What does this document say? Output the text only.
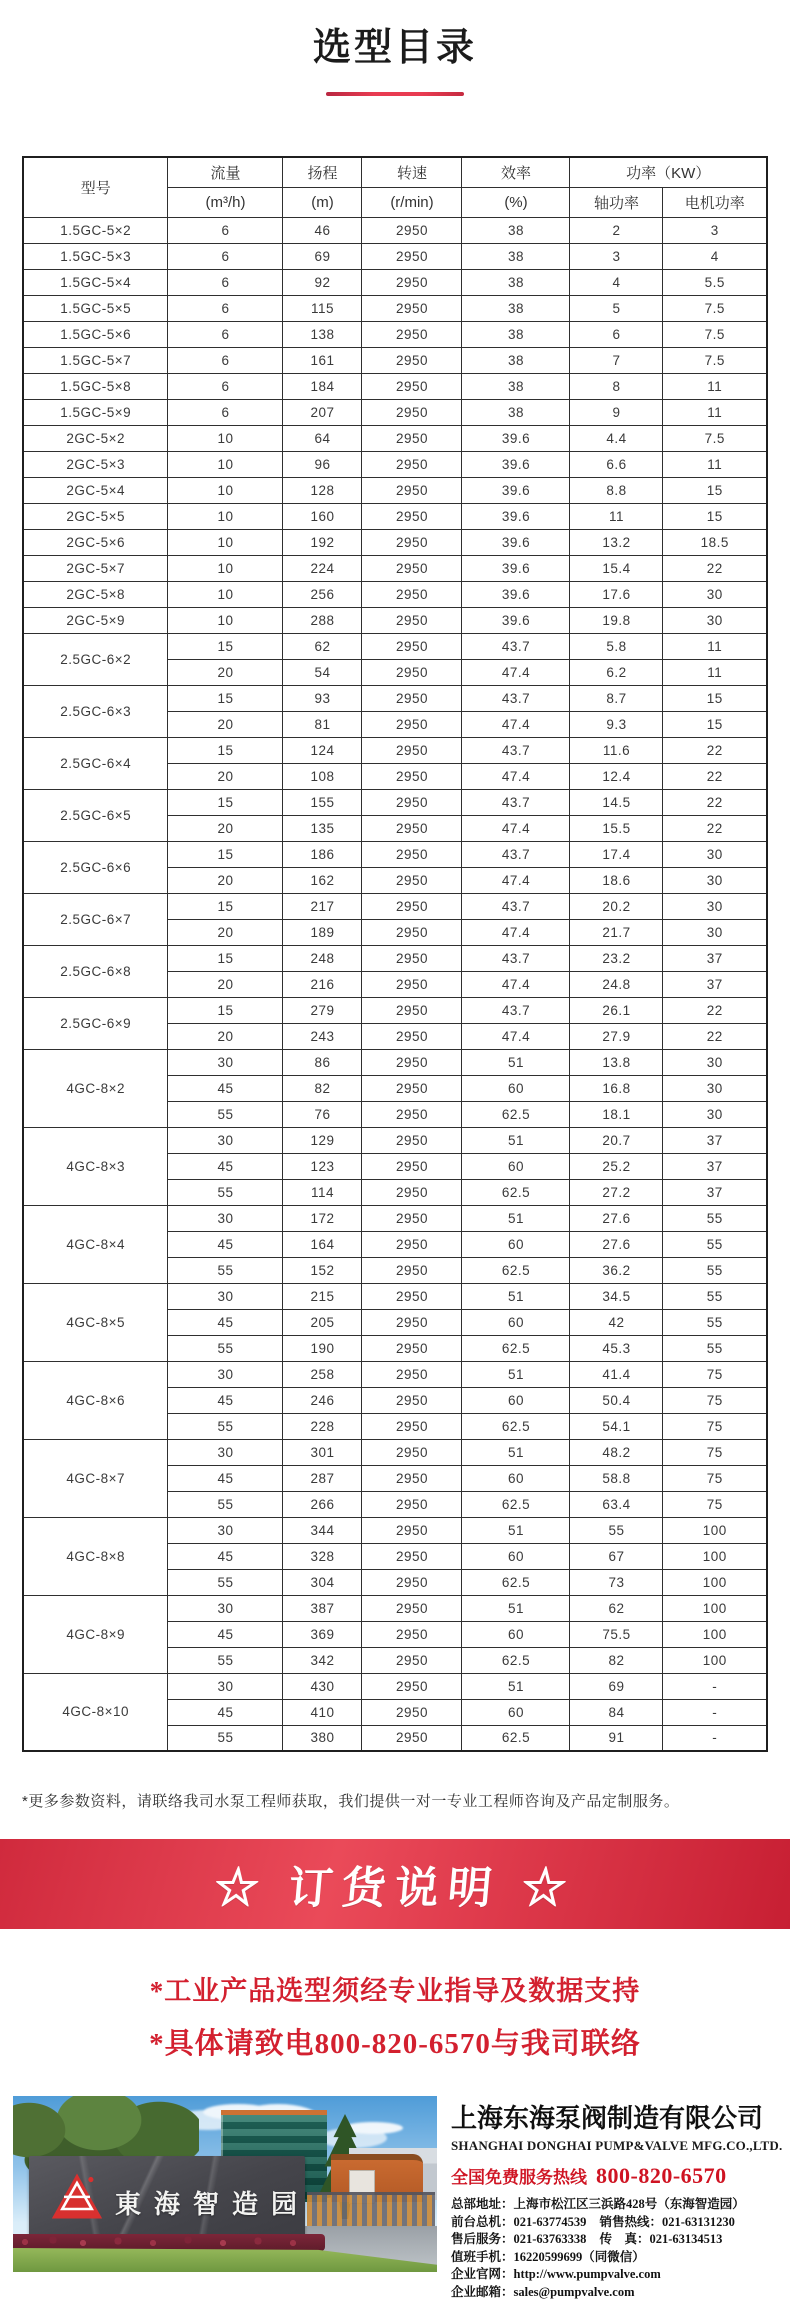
选型目录
型号	流量	扬程	转速	效率	功率（KW）	
	(m³/h)	(m)	(r/min)	(%)	轴功率	电机功率
1.5GC-5×2	6	46	2950	38	2	3
1.5GC-5×3	6	69	2950	38	3	4
1.5GC-5×4	6	92	2950	38	4	5.5
1.5GC-5×5	6	115	2950	38	5	7.5
1.5GC-5×6	6	138	2950	38	6	7.5
1.5GC-5×7	6	161	2950	38	7	7.5
1.5GC-5×8	6	184	2950	38	8	11
1.5GC-5×9	6	207	2950	38	9	11
2GC-5×2	10	64	2950	39.6	4.4	7.5
2GC-5×3	10	96	2950	39.6	6.6	11
2GC-5×4	10	128	2950	39.6	8.8	15
2GC-5×5	10	160	2950	39.6	11	15
2GC-5×6	10	192	2950	39.6	13.2	18.5
2GC-5×7	10	224	2950	39.6	15.4	22
2GC-5×8	10	256	2950	39.6	17.6	30
2GC-5×9	10	288	2950	39.6	19.8	30
2.5GC-6×2	15	62	2950	43.7	5.8	11
	20	54	2950	47.4	6.2	11
2.5GC-6×3	15	93	2950	43.7	8.7	15
	20	81	2950	47.4	9.3	15
2.5GC-6×4	15	124	2950	43.7	11.6	22
	20	108	2950	47.4	12.4	22
2.5GC-6×5	15	155	2950	43.7	14.5	22
	20	135	2950	47.4	15.5	22
2.5GC-6×6	15	186	2950	43.7	17.4	30
	20	162	2950	47.4	18.6	30
2.5GC-6×7	15	217	2950	43.7	20.2	30
	20	189	2950	47.4	21.7	30
2.5GC-6×8	15	248	2950	43.7	23.2	37
	20	216	2950	47.4	24.8	37
2.5GC-6×9	15	279	2950	43.7	26.1	22
	20	243	2950	47.4	27.9	22
4GC-8×2	30	86	2950	51	13.8	30
	45	82	2950	60	16.8	30
	55	76	2950	62.5	18.1	30
4GC-8×3	30	129	2950	51	20.7	37
	45	123	2950	60	25.2	37
	55	114	2950	62.5	27.2	37
4GC-8×4	30	172	2950	51	27.6	55
	45	164	2950	60	27.6	55
	55	152	2950	62.5	36.2	55
4GC-8×5	30	215	2950	51	34.5	55
	45	205	2950	60	42	55
	55	190	2950	62.5	45.3	55
4GC-8×6	30	258	2950	51	41.4	75
	45	246	2950	60	50.4	75
	55	228	2950	62.5	54.1	75
4GC-8×7	30	301	2950	51	48.2	75
	45	287	2950	60	58.8	75
	55	266	2950	62.5	63.4	75
4GC-8×8	30	344	2950	51	55	100
	45	328	2950	60	67	100
	55	304	2950	62.5	73	100
4GC-8×9	30	387	2950	51	62	100
	45	369	2950	60	75.5	100
	55	342	2950	62.5	82	100
4GC-8×10	30	430	2950	51	69	-
	45	410	2950	60	84	-
	55	380	2950	62.5	91	-

*更多参数资料，请联络我司水泵工程师获取，我们提供一对一专业工程师咨询及产品定制服务。

☆ 订货说明 ☆

*工业产品选型须经专业指导及数据支持

*具体请致电800-820-6570与我司联络

東海智造园
上海东海泵阀制造有限公司
SHANGHAI DONGHAI PUMP&VALVE MFG.CO.,LTD.
全国免费服务热线 800-820-6570
总部地址：上海市松江区三浜路428号（东海智造园）
前台总机：021-63774539 销售热线：021-63131230
售后服务：021-63763338 传　真：021-63134513
值班手机：16220599699（同微信）
企业官网：http://www.pumpvalve.com
企业邮箱：sales@pumpvalve.com
